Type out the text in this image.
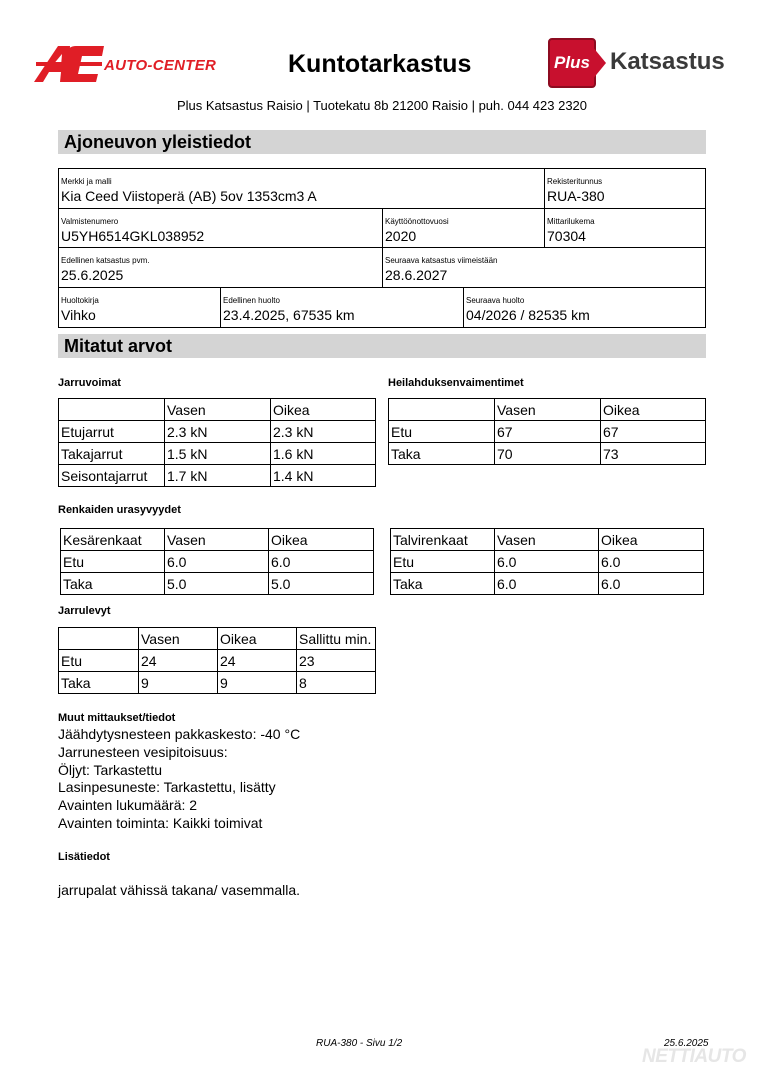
AUTO-CENTER	Kuntotarkastus	Plus Katsastus
Plus Katsastus Raisio | Tuotekatu 8b 21200 Raisio | puh. 044 423 2320
Ajoneuvon yleistiedot
Merkki ja malli
Kia Ceed Viistoperä (AB) 5ov 1353cm3 A
Rekisteritunnus
RUA-380
Valmistenumero
U5YH6514GKL038952
Käyttöönottovuosi
2020
Mittarilukema
70304
Edellinen katsastus pvm.
25.6.2025
Seuraava katsastus viimeistään
28.6.2027
Huoltokirja
Vihko
Edellinen huolto
23.4.2025, 67535 km
Seuraava huolto
04/2026 / 82535 km
Mitatut arvot
Jarruvoimat	Heilahduksenvaimentimet
	Vasen	Oikea
Etujarrut	2.3 kN	2.3 kN
Takajarrut	1.5 kN	1.6 kN
Seisontajarrut	1.7 kN	1.4 kN
	Vasen	Oikea
Etu	67	67
Taka	70	73
Renkaiden urasyvyydet
Kesärenkaat	Vasen	Oikea
Etu	6.0	6.0
Taka	5.0	5.0
Talvirenkaat	Vasen	Oikea
Etu	6.0	6.0
Taka	6.0	6.0
Jarrulevyt
	Vasen	Oikea	Sallittu min.
Etu	24	24	23
Taka	9	9	8
Muut mittaukset/tiedot
Jäähdytysnesteen pakkaskesto: -40 °C
Jarrunesteen vesipitoisuus:
Öljyt: Tarkastettu
Lasinpesuneste: Tarkastettu, lisätty
Avainten lukumäärä: 2
Avainten toiminta: Kaikki toimivat
Lisätiedot
jarrupalat vähissä takana/ vasemmalla.
RUA-380 - Sivu 1/2	25.6.2025
NETTIAUTO
